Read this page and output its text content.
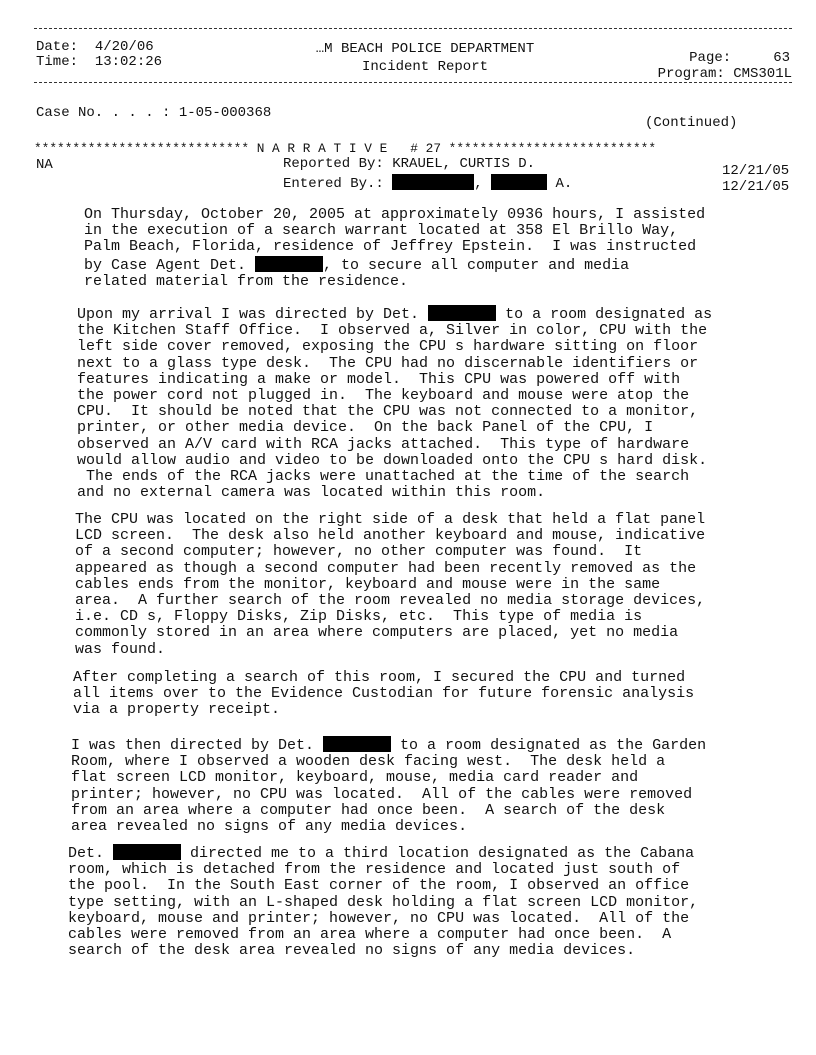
Date: 4/20/06
Time: 13:02:26
…M BEACH POLICE DEPARTMENT
Incident Report
Page:	63
Program: CMS301L
Case No. . . . : 1-05-000368
(Continued)
**************************** N A R R A T I V E   # 27 ***************************
NA	Reported By: KRAUEL, CURTIS D.
Entered By.:	,	A.
12/21/05
12/21/05
On Thursday, October 20, 2005 at approximately 0936 hours, I assisted
in the execution of a search warrant located at 358 El Brillo Way,
Palm Beach, Florida, residence of Jeffrey Epstein.  I was instructed
by Case Agent Det.	, to secure all computer and media
related material from the residence.
Upon my arrival I was directed by Det.	to a room designated as
the Kitchen Staff Office.  I observed a, Silver in color, CPU with the
left side cover removed, exposing the CPU s hardware sitting on floor
next to a glass type desk.  The CPU had no discernable identifiers or
features indicating a make or model.  This CPU was powered off with
the power cord not plugged in.  The keyboard and mouse were atop the
CPU.  It should be noted that the CPU was not connected to a monitor,
printer, or other media device.  On the back Panel of the CPU, I
observed an A/V card with RCA jacks attached.  This type of hardware
would allow audio and video to be downloaded onto the CPU s hard disk.
The ends of the RCA jacks were unattached at the time of the search
and no external camera was located within this room.
The CPU was located on the right side of a desk that held a flat panel
LCD screen.  The desk also held another keyboard and mouse, indicative
of a second computer; however, no other computer was found.  It
appeared as though a second computer had been recently removed as the
cables ends from the monitor, keyboard and mouse were in the same
area.  A further search of the room revealed no media storage devices,
i.e. CD s, Floppy Disks, Zip Disks, etc.  This type of media is
commonly stored in an area where computers are placed, yet no media
was found.
After completing a search of this room, I secured the CPU and turned
all items over to the Evidence Custodian for future forensic analysis
via a property receipt.
I was then directed by Det.	to a room designated as the Garden
Room, where I observed a wooden desk facing west.  The desk held a
flat screen LCD monitor, keyboard, mouse, media card reader and
printer; however, no CPU was located.  All of the cables were removed
from an area where a computer had once been.  A search of the desk
area revealed no signs of any media devices.
Det.	directed me to a third location designated as the Cabana
room, which is detached from the residence and located just south of
the pool.  In the South East corner of the room, I observed an office
type setting, with an L-shaped desk holding a flat screen LCD monitor,
keyboard, mouse and printer; however, no CPU was located.  All of the
cables were removed from an area where a computer had once been.  A
search of the desk area revealed no signs of any media devices.
